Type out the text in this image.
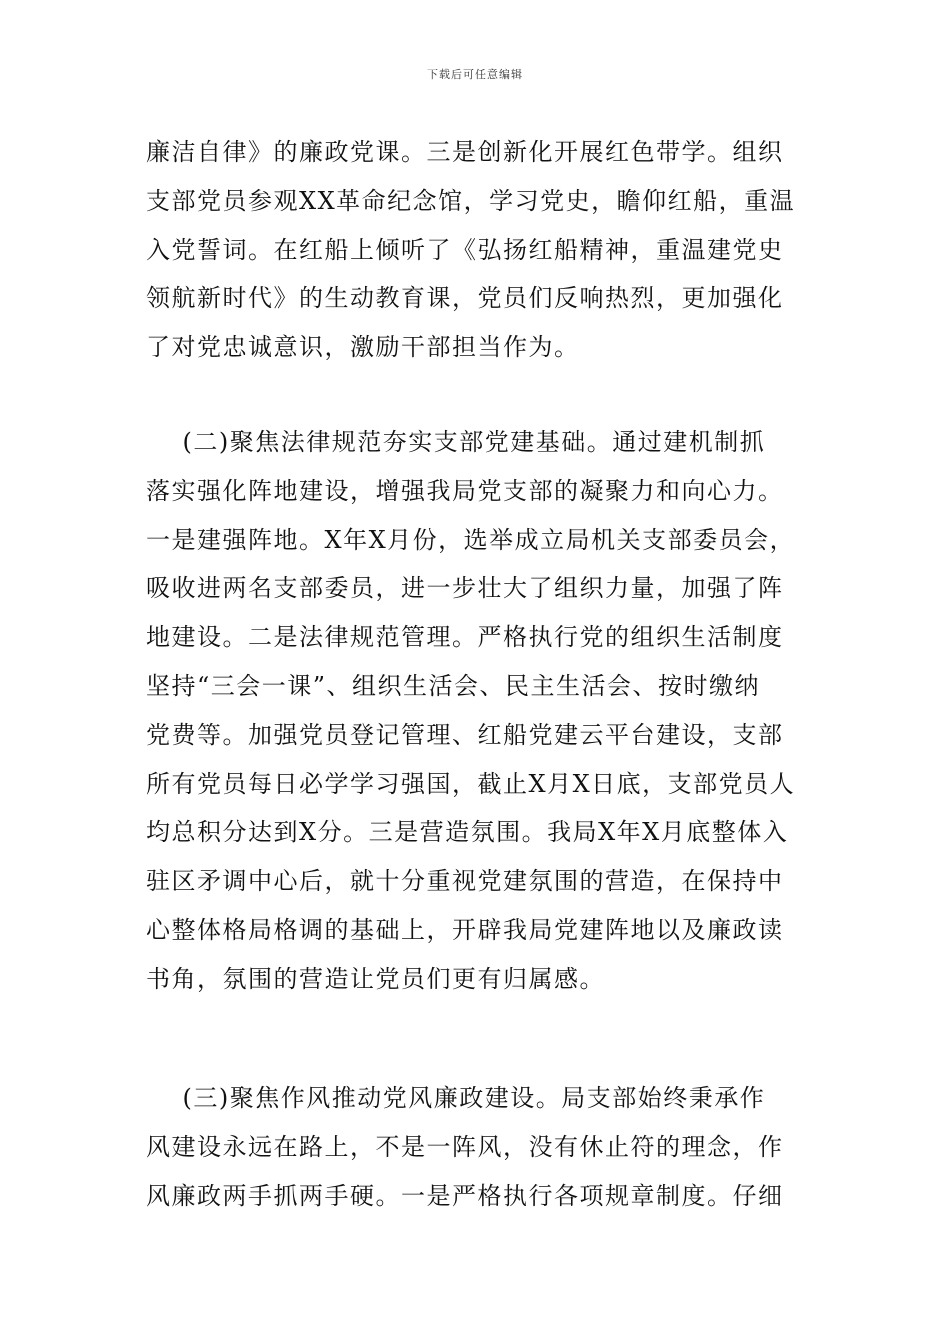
下载后可任意编辑
廉洁自律》的廉政党课。三是创新化开展红色带学。组织
支部党员参观XX革命纪念馆，学习党史，瞻仰红船，重温
入党誓词。在红船上倾听了《弘扬红船精神，重温建党史
领航新时代》的生动教育课，党员们反响热烈，更加强化
了对党忠诚意识，激励干部担当作为。
(二)聚焦法律规范夯实支部党建基础。通过建机制抓
落实强化阵地建设，增强我局党支部的凝聚力和向心力。
一是建强阵地。X年X月份，选举成立局机关支部委员会，
吸收进两名支部委员，进一步壮大了组织力量，加强了阵
地建设。二是法律规范管理。严格执行党的组织生活制度
坚持“三会一课”、组织生活会、民主生活会、按时缴纳
党费等。加强党员登记管理、红船党建云平台建设，支部
所有党员每日必学学习强国，截止X月X日底，支部党员人
均总积分达到X分。三是营造氛围。我局X年X月底整体入
驻区矛调中心后，就十分重视党建氛围的营造，在保持中
心整体格局格调的基础上，开辟我局党建阵地以及廉政读
书角，氛围的营造让党员们更有归属感。
(三)聚焦作风推动党风廉政建设。局支部始终秉承作
风建设永远在路上，不是一阵风，没有休止符的理念，作
风廉政两手抓两手硬。一是严格执行各项规章制度。仔细
